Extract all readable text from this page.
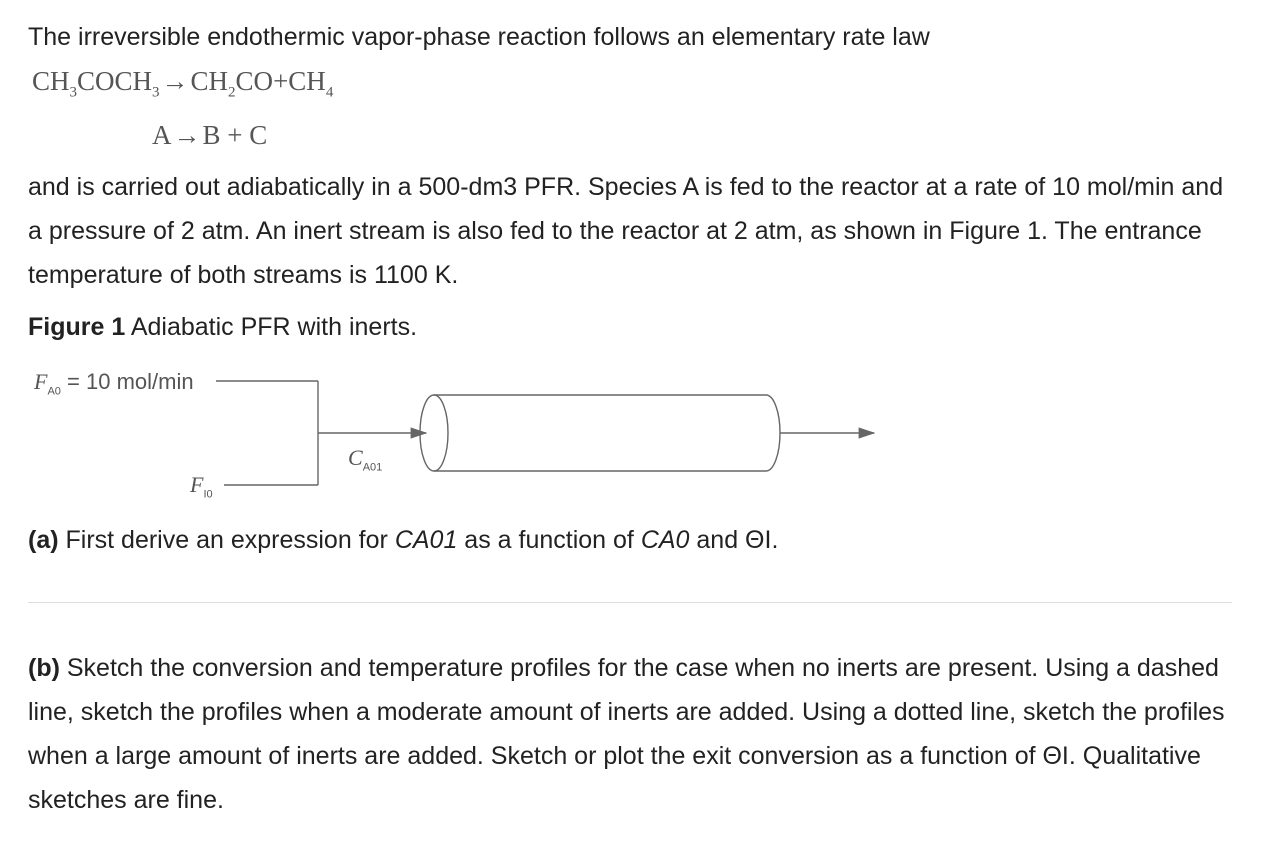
The irreversible endothermic vapor-phase reaction follows an elementary rate law

$CH_3COCH_3\to CH_2CO+CH_4$
A→B + C

and is carried out adiabatically in a 500-dm3 PFR. Species A is fed to the reactor at a rate of 10 mol/min and a pressure of 2 atm. An inert stream is also fed to the reactor at 2 atm, as shown in Figure 1. The entrance temperature of both streams is 1100 K.

Figure 1 Adiabatic PFR with inerts.
$F_{A0} = 10$ mol/min
$F_{I0}$
$C_{A01}$

(a) First derive an expression for CA01 as a function of CA0 and ΘI.

(b) Sketch the conversion and temperature profiles for the case when no inerts are present. Using a dashed line, sketch the profiles when a moderate amount of inerts are added. Using a dotted line, sketch the profiles when a large amount of inerts are added. Sketch or plot the exit conversion as a function of ΘI. Qualitative sketches are fine.
